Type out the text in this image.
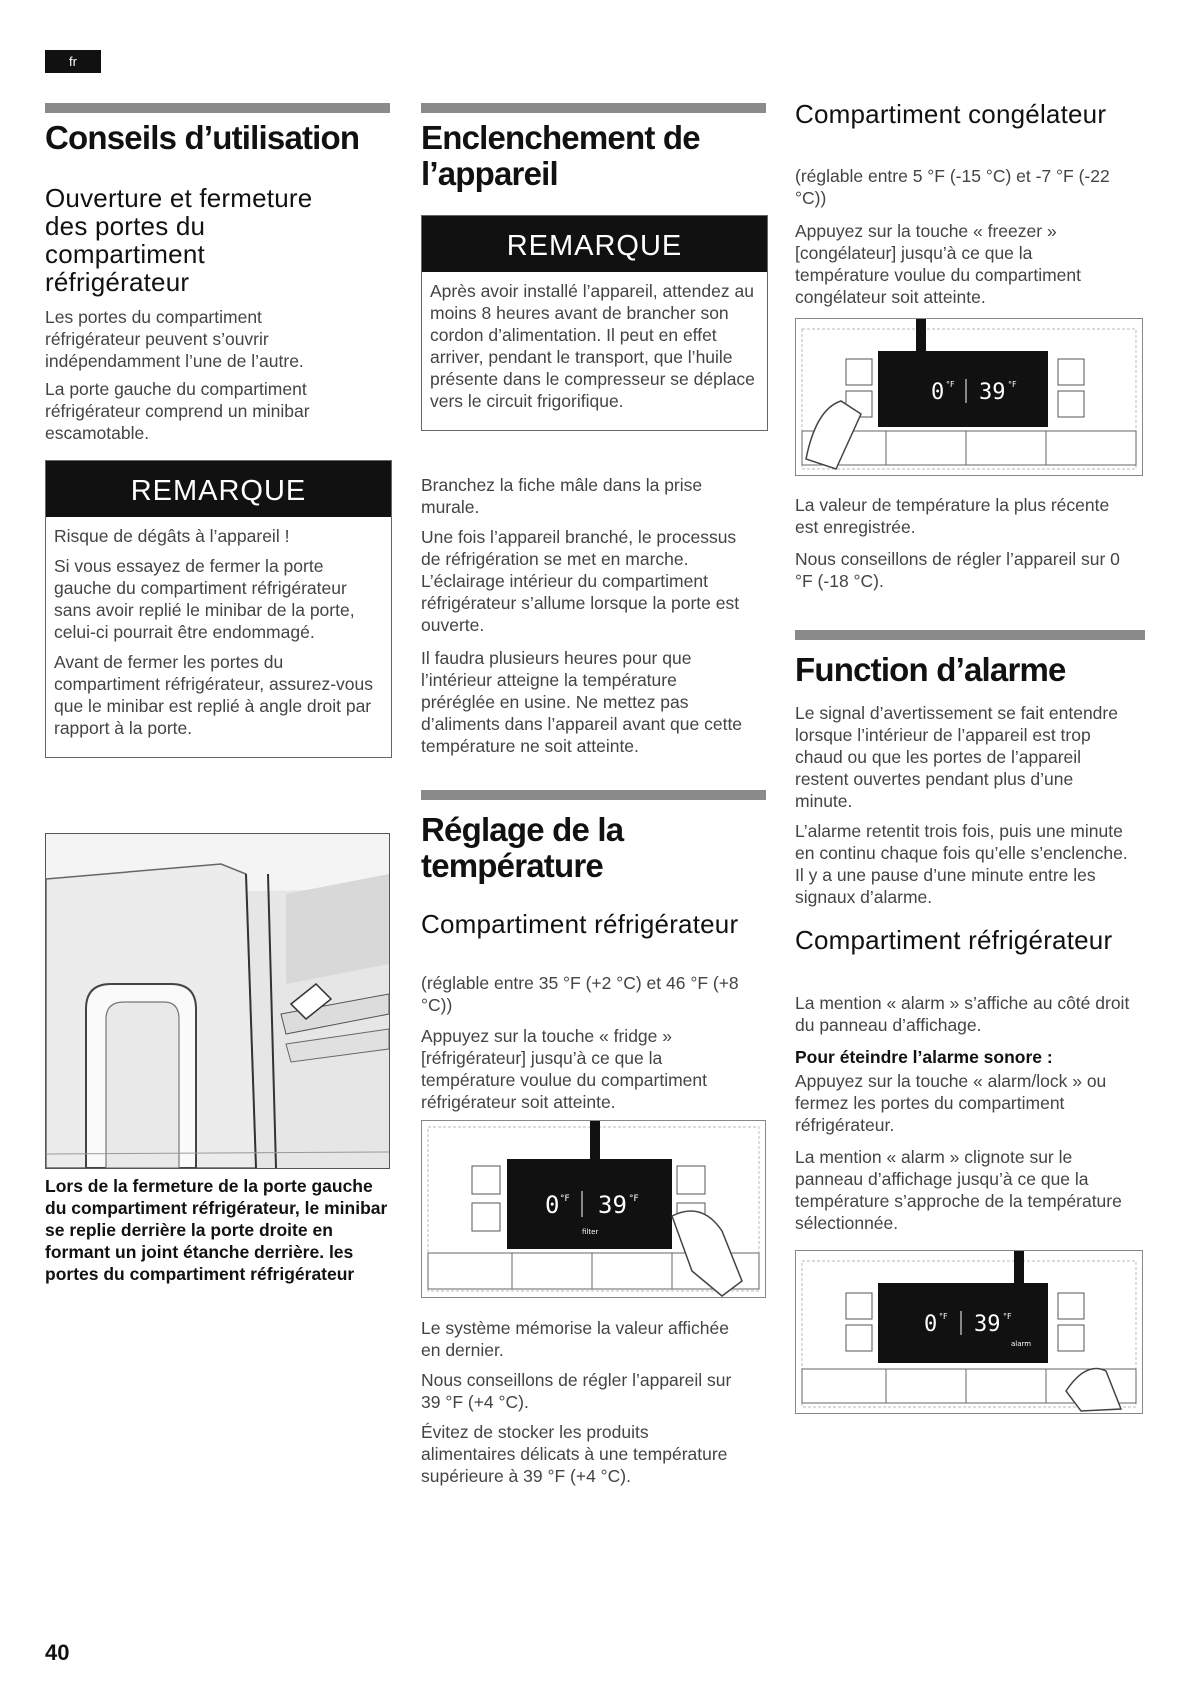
fr
Conseils d’utilisation
Ouverture et fermeture des portes du compartiment réfrigérateur

Les portes du compartiment réfrigérateur peuvent s’ouvrir indépendamment l’une de l’autre.

La porte gauche du compartiment réfrigérateur comprend un minibar escamotable.

REMARQUE

Risque de dégâts à l’appareil !

Si vous essayez de fermer la porte gauche du compartiment réfrigérateur sans avoir replié le minibar de la porte, celui-ci pourrait être endommagé.

Avant de fermer les portes du compartiment réfrigérateur, assurez-vous que le minibar est replié à angle droit par rapport à la porte.

Lors de la fermeture de la porte gauche du compartiment réfrigérateur, le minibar se replie derrière la porte droite en formant un joint étanche derrière. les portes du compartiment réfrigérateur

Enclenchement de l’appareil
REMARQUE

Après avoir installé l’appareil, attendez au moins 8 heures avant de brancher son cordon d’alimentation. Il peut en effet arriver, pendant le transport, que l’huile présente dans le compresseur se déplace vers le circuit frigorifique.

Branchez la fiche mâle dans la prise murale.

Une fois l’appareil branché, le processus de réfrigération se met en marche. L’éclairage intérieur du compartiment réfrigérateur s’allume lorsque la porte est ouverte.

Il faudra plusieurs heures pour que l’intérieur atteigne la température préréglée en usine. Ne mettez pas d’aliments dans l’appareil avant que cette température ne soit atteinte.

Réglage de la température
Compartiment réfrigérateur

(réglable entre 35 °F (+2 °C) et 46 °F (+8 °C))

Appuyez sur la touche « fridge » [réfrigérateur] jusqu’à ce que la température voulue du compartiment réfrigérateur soit atteinte.

0 °F 39 °F
filter

Le système mémorise la valeur affichée en dernier.

Nous conseillons de régler l’appareil sur 39 °F (+4 °C).

Évitez de stocker les produits alimentaires délicats à une température supérieure à 39 °F (+4 °C).

Compartiment congélateur

(réglable entre 5 °F (-15 °C) et -7 °F (-22 °C))

Appuyez sur la touche « freezer » [congélateur] jusqu’à ce que la température voulue du compartiment congélateur soit atteinte.

0 °F 39 °F

La valeur de température la plus récente est enregistrée.

Nous conseillons de régler l’appareil sur 0 °F (-18 °C).

Function d’alarme

Le signal d’avertissement se fait entendre lorsque l’intérieur de l’appareil est trop chaud ou que les portes de l’appareil restent ouvertes pendant plus d’une minute.

L’alarme retentit trois fois, puis une minute en continu chaque fois qu’elle s’enclenche. Il y a une pause d’une minute entre les signaux d’alarme.

Compartiment réfrigérateur

La mention « alarm » s’affiche au côté droit du panneau d’affichage.

Pour éteindre l’alarme sonore :

Appuyez sur la touche « alarm/lock » ou fermez les portes du compartiment réfrigérateur.

La mention « alarm » clignote sur le panneau d’affichage jusqu’à ce que la température s’approche de la température sélectionnée.

0 °F 39 °F
alarm
40
